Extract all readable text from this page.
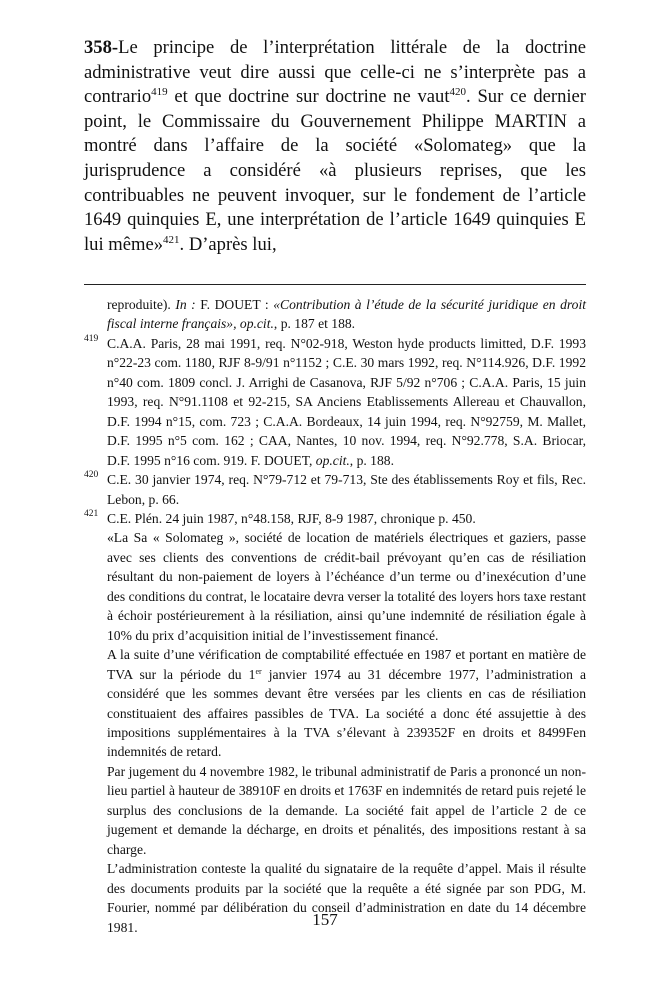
358-Le principe de l’interprétation littérale de la doctrine administrative veut dire aussi que celle-ci ne s’interprète pas a contrario$^{419}$ et que doctrine sur doctrine ne vaut$^{420}$. Sur ce dernier point, le Commissaire du Gouvernement Philippe MARTIN a montré dans l’affaire de la société «Solomateg» que la jurisprudence a considéré «à plusieurs reprises, que les contribuables ne peuvent invoquer, sur le fondement de l’article 1649 quinquies E, une interprétation de l’article 1649 quinquies E lui même»$^{421}$. D’après lui,
reproduite). In : F. DOUET : «Contribution à l’étude de la sécurité juridique en droit fiscal interne français», op.cit., p. 187 et 188.
419 C.A.A. Paris, 28 mai 1991, req. N°02-918, Weston hyde products limitted, D.F. 1993 n°22-23 com. 1180, RJF 8-9/91 n°1152 ; C.E. 30 mars 1992, req. N°114.926, D.F. 1992 n°40 com. 1809 concl. J. Arrighi de Casanova, RJF 5/92 n°706 ; C.A.A. Paris, 15 juin 1993, req. N°91.1108 et 92-215, SA Anciens Etablissements Allereau et Chauvallon, D.F. 1994 n°15, com. 723 ; C.A.A. Bordeaux, 14 juin 1994, req. N°92759, M. Mallet, D.F. 1995 n°5 com. 162 ; CAA, Nantes, 10 nov. 1994, req. N°92.778, S.A. Briocar, D.F. 1995 n°16 com. 919. F. DOUET, op.cit., p. 188.
420 C.E. 30 janvier 1974, req. N°79-712 et 79-713, Ste des établissements Roy et fils, Rec. Lebon, p. 66.
421 C.E. Plén. 24 juin 1987, n°48.158, RJF, 8-9 1987, chronique p. 450.
«La Sa « Solomateg », société de location de matériels électriques et gaziers, passe avec ses clients des conventions de crédit-bail prévoyant qu’en cas de résiliation résultant du non-paiement de loyers à l’échéance d’un terme ou d’inexécution d’une des conditions du contrat, le locataire devra verser la totalité des loyers hors taxe restant à échoir postérieurement à la résiliation, ainsi qu’une indemnité de résiliation égale à 10% du prix d’acquisition initial de l’investissement financé.
A la suite d’une vérification de comptabilité effectuée en 1987 et portant en matière de TVA sur la période du 1er janvier 1974 au 31 décembre 1977, l’administration a considéré que les sommes devant être versées par les clients en cas de résiliation constituaient des affaires passibles de TVA. La société a donc été assujettie à des impositions supplémentaires à la TVA s’élevant à 239352F en droits et 8499Fen indemnités de retard.
Par jugement du 4 novembre 1982, le tribunal administratif de Paris a prononcé un non-lieu partiel à hauteur de 38910F en droits et 1763F en indemnités de retard puis rejeté le surplus des conclusions de la demande. La société fait appel de l’article 2 de ce jugement et demande la décharge, en droits et pénalités, des impositions restant à sa charge.
L’administration conteste la qualité du signataire de la requête d’appel. Mais il résulte des documents produits par la société que la requête a été signée par son PDG, M. Fourier, nommé par délibération du conseil d’administration en date du 14 décembre 1981.	157
